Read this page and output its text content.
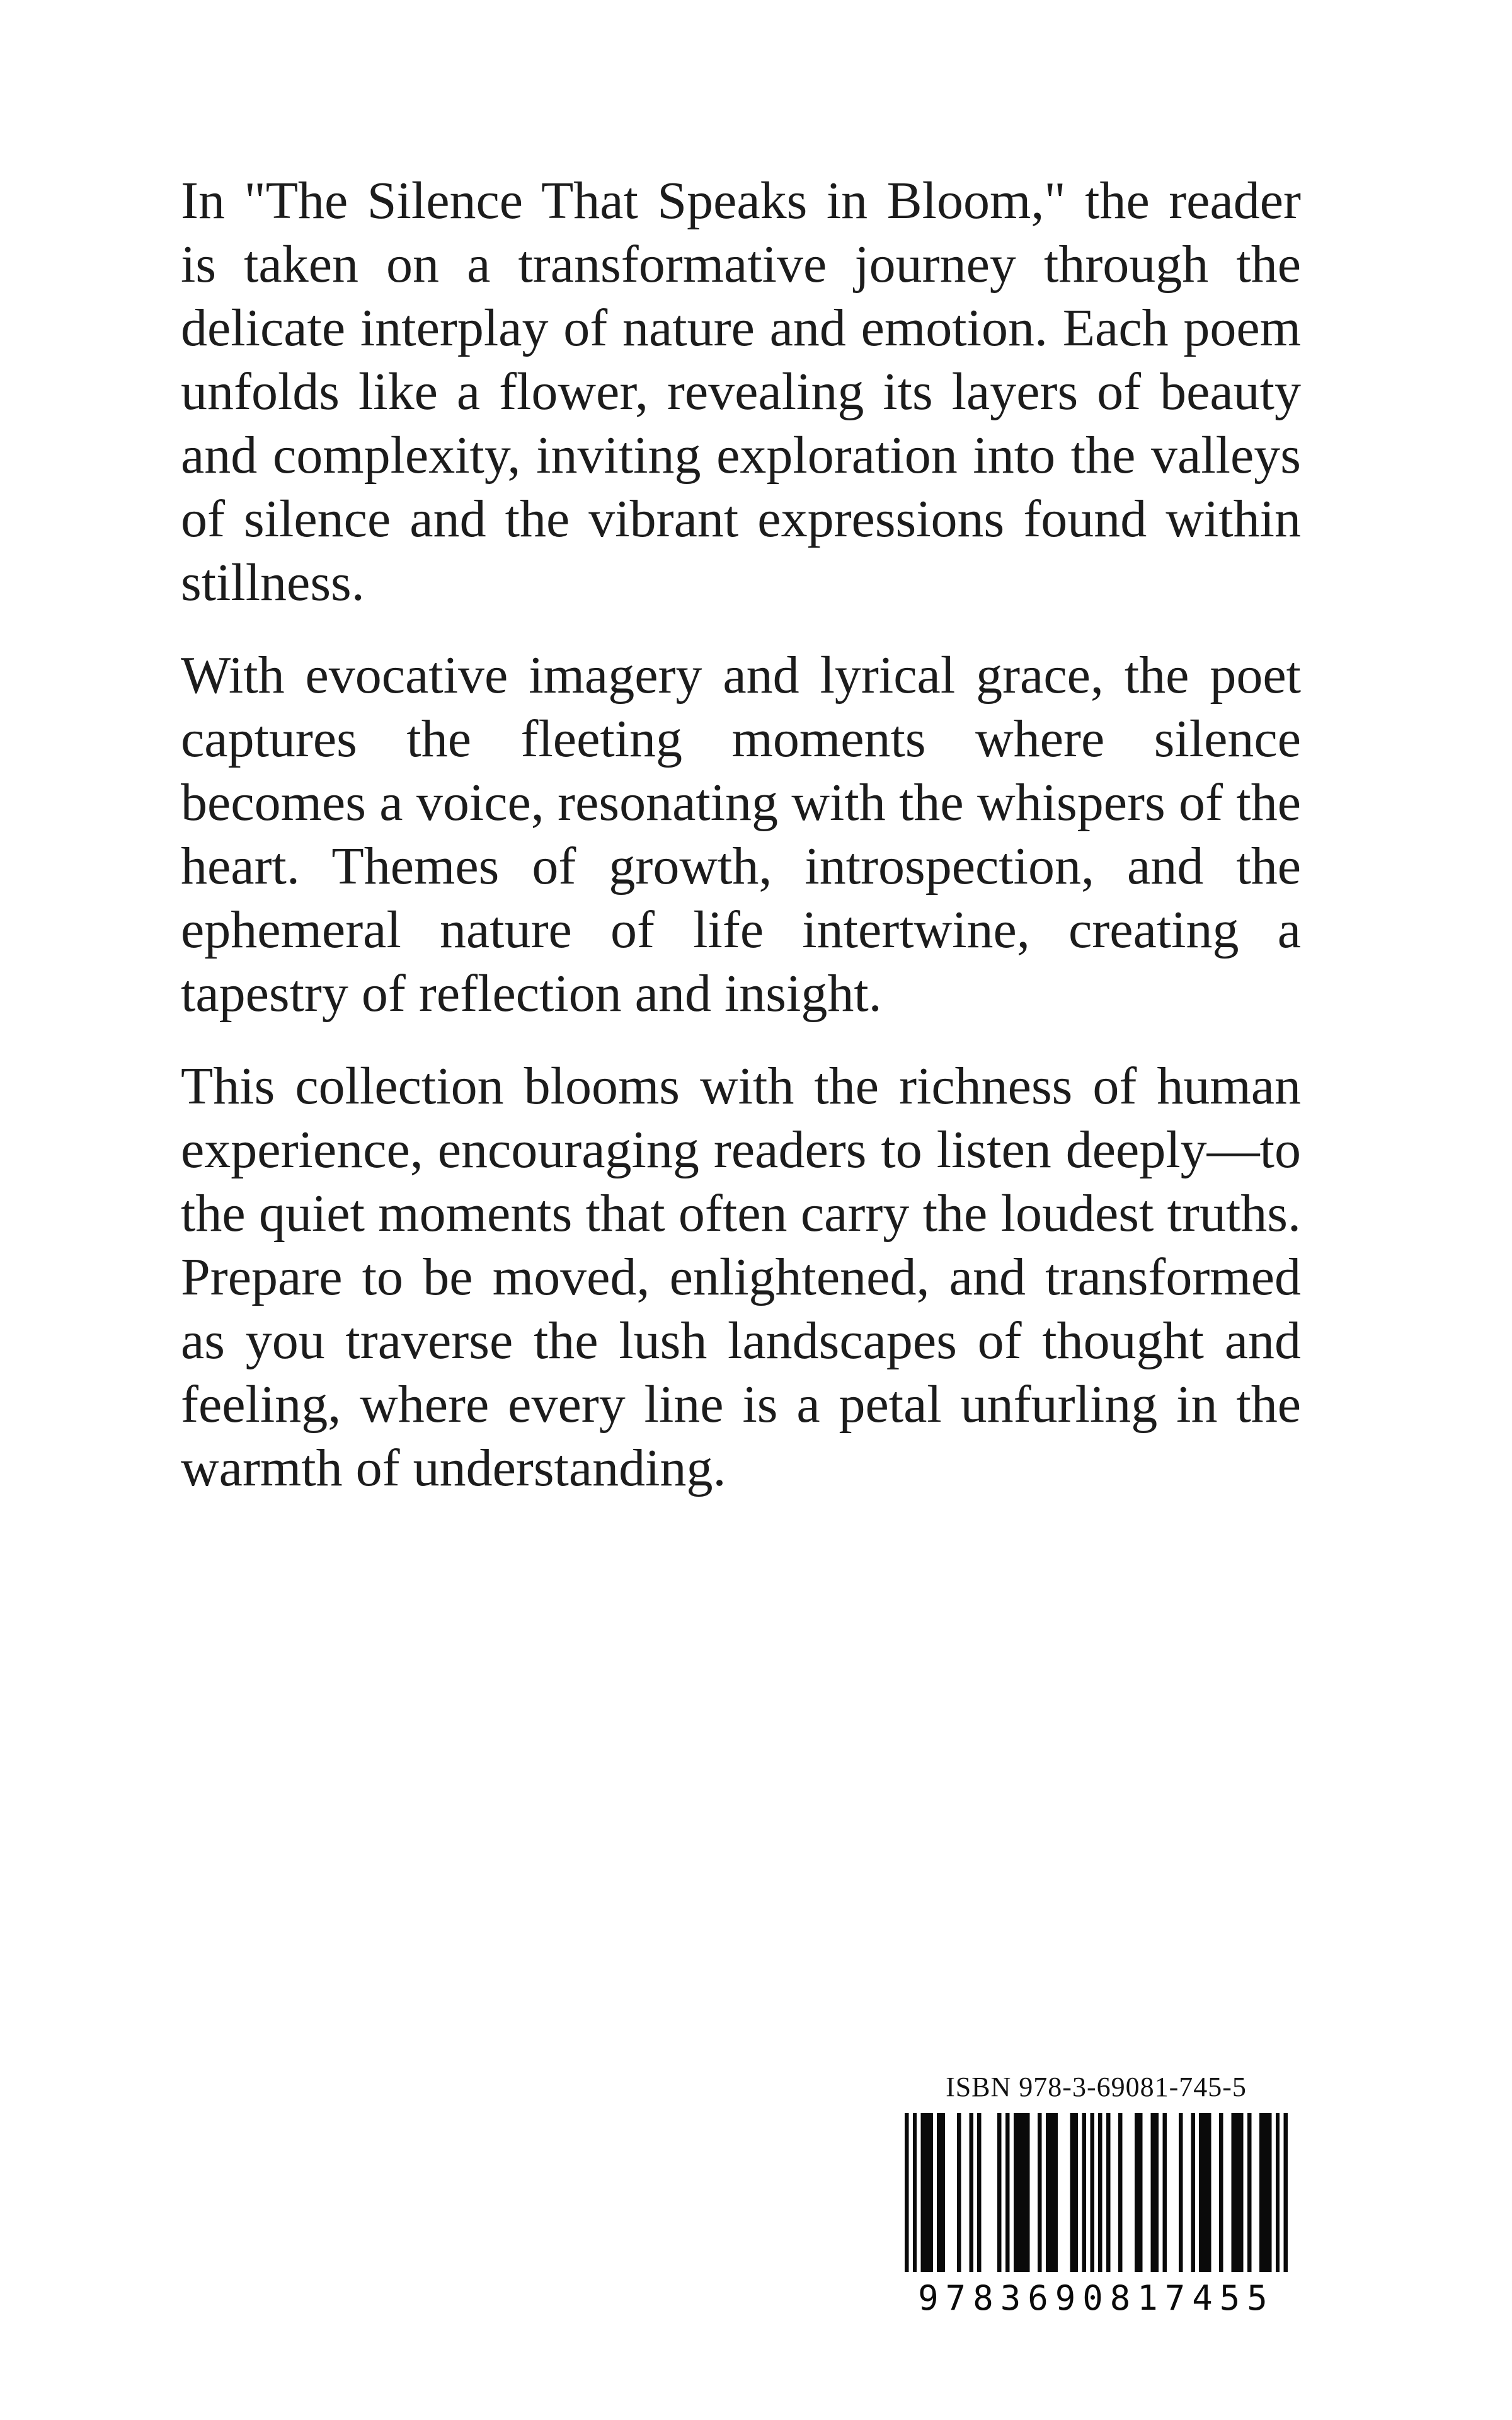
In "The Silence That Speaks in Bloom," the reader is taken on a transformative journey through the delicate interplay of nature and emotion. Each poem unfolds like a flower, revealing its layers of beauty and complexity, inviting exploration into the valleys of silence and the vibrant expressions found within stillness.

With evocative imagery and lyrical grace, the poet captures the fleeting moments where silence becomes a voice, resonating with the whispers of the heart. Themes of growth, introspection, and the ephemeral nature of life intertwine, creating a tapestry of reflection and insight.

This collection blooms with the richness of human experience, encouraging readers to listen deeply—to the quiet moments that often carry the loudest truths. Prepare to be moved, enlightened, and transformed as you traverse the lush landscapes of thought and feeling, where every line is a petal unfurling in the warmth of understanding.

ISBN 978-3-69081-745-5
9783690817455
